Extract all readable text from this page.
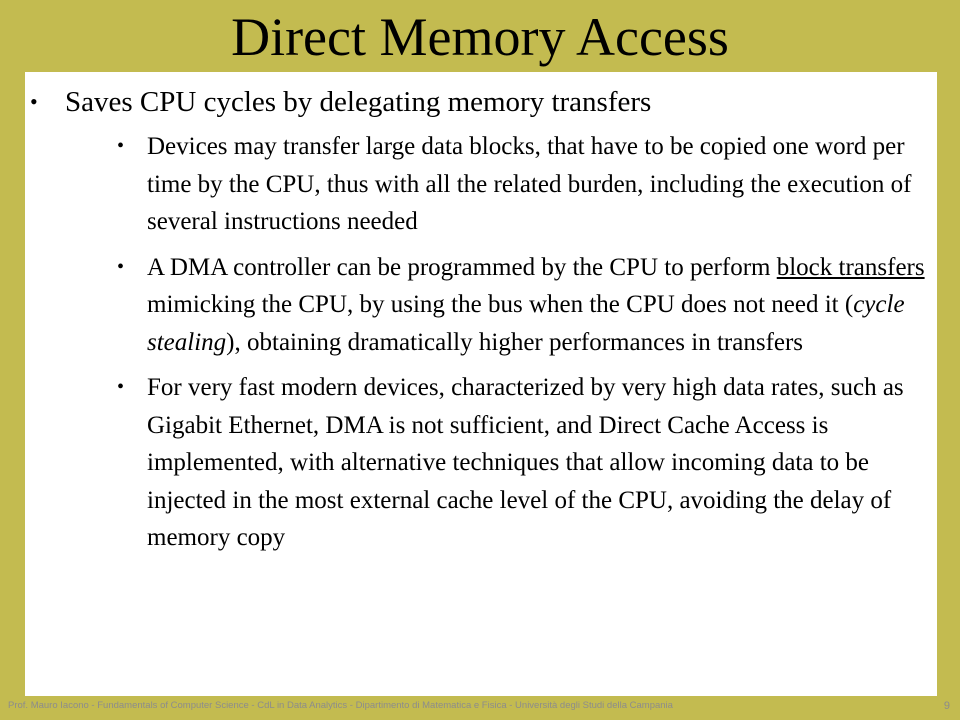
Direct Memory Access
• Saves CPU cycles by delegating memory transfers
• Devices may transfer large data blocks, that have to be copied one word per time by the CPU, thus with all the related burden, including the execution of several instructions needed
• A DMA controller can be programmed by the CPU to perform block transfers mimicking the CPU, by using the bus when the CPU does not need it (cycle stealing), obtaining dramatically higher performances in transfers
• For very fast modern devices, characterized by very high data rates, such as Gigabit Ethernet, DMA is not sufficient, and Direct Cache Access is implemented, with alternative techniques that allow incoming data to be injected in the most external cache level of the CPU, avoiding the delay of memory copy
Prof. Mauro Iacono - Fundamentals of Computer Science - CdL in Data Analytics - Dipartimento di Matematica e Fisica - Università degli Studi della Campania	9
